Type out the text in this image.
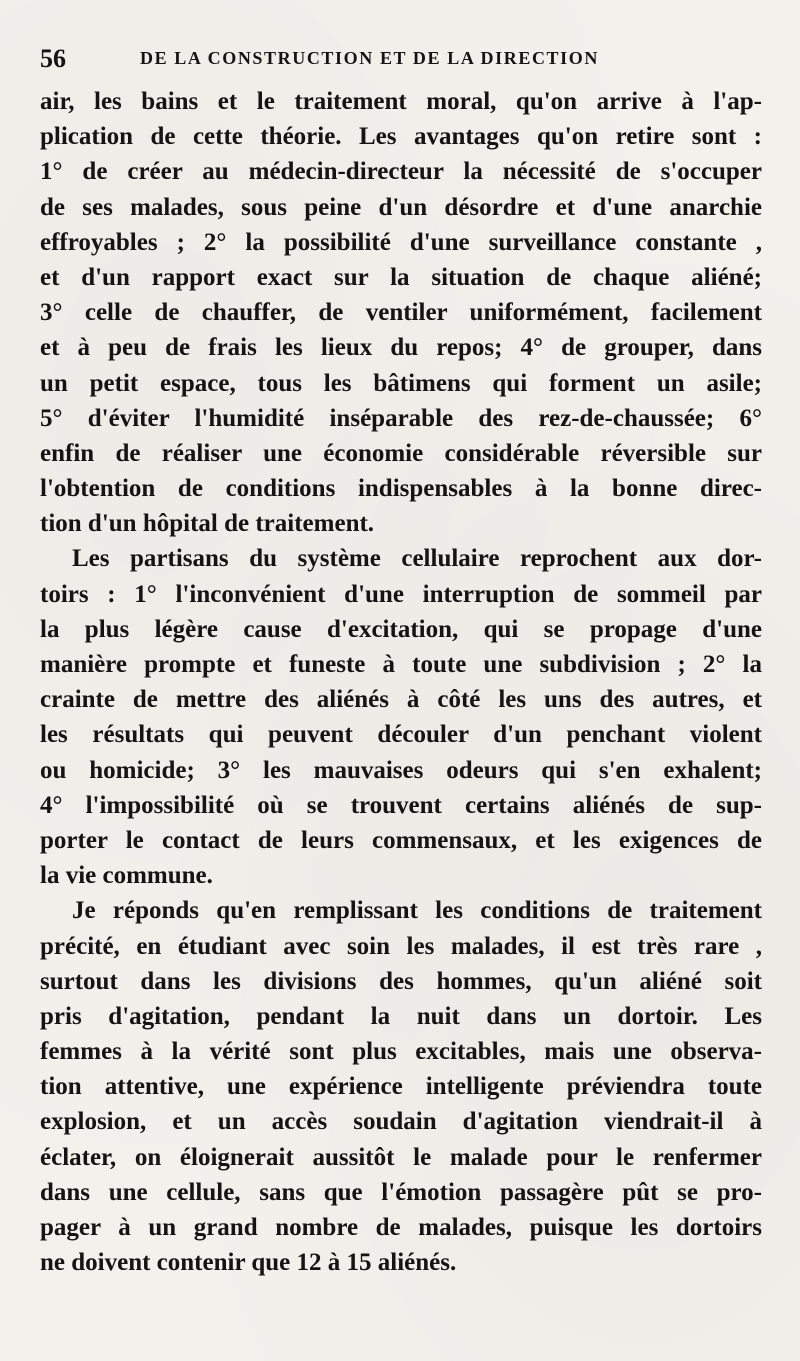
56	DE LA CONSTRUCTION ET DE LA DIRECTION
air, les bains et le traitement moral, qu'on arrive à l'ap-
plication de cette théorie. Les avantages qu'on retire sont :
1° de créer au médecin-directeur la nécessité de s'occuper
de ses malades, sous peine d'un désordre et d'une anarchie
effroyables ; 2° la possibilité d'une surveillance constante ,
et d'un rapport exact sur la situation de chaque aliéné;
3° celle de chauffer, de ventiler uniformément, facilement
et à peu de frais les lieux du repos; 4° de grouper, dans
un petit espace, tous les bâtimens qui forment un asile;
5° d'éviter l'humidité inséparable des rez-de-chaussée; 6°
enfin de réaliser une économie considérable réversible sur
l'obtention de conditions indispensables à la bonne direc-
tion d'un hôpital de traitement.
Les partisans du système cellulaire reprochent aux dor-
toirs : 1° l'inconvénient d'une interruption de sommeil par
la plus légère cause d'excitation, qui se propage d'une
manière prompte et funeste à toute une subdivision ; 2° la
crainte de mettre des aliénés à côté les uns des autres, et
les résultats qui peuvent découler d'un penchant violent
ou homicide; 3° les mauvaises odeurs qui s'en exhalent;
4° l'impossibilité où se trouvent certains aliénés de sup-
porter le contact de leurs commensaux, et les exigences de
la vie commune.
Je réponds qu'en remplissant les conditions de traitement
précité, en étudiant avec soin les malades, il est très rare ,
surtout dans les divisions des hommes, qu'un aliéné soit
pris d'agitation, pendant la nuit dans un dortoir. Les
femmes à la vérité sont plus excitables, mais une observa-
tion attentive, une expérience intelligente préviendra toute
explosion, et un accès soudain d'agitation viendrait-il à
éclater, on éloignerait aussitôt le malade pour le renfermer
dans une cellule, sans que l'émotion passagère pût se pro-
pager à un grand nombre de malades, puisque les dortoirs
ne doivent contenir que 12 à 15 aliénés.
